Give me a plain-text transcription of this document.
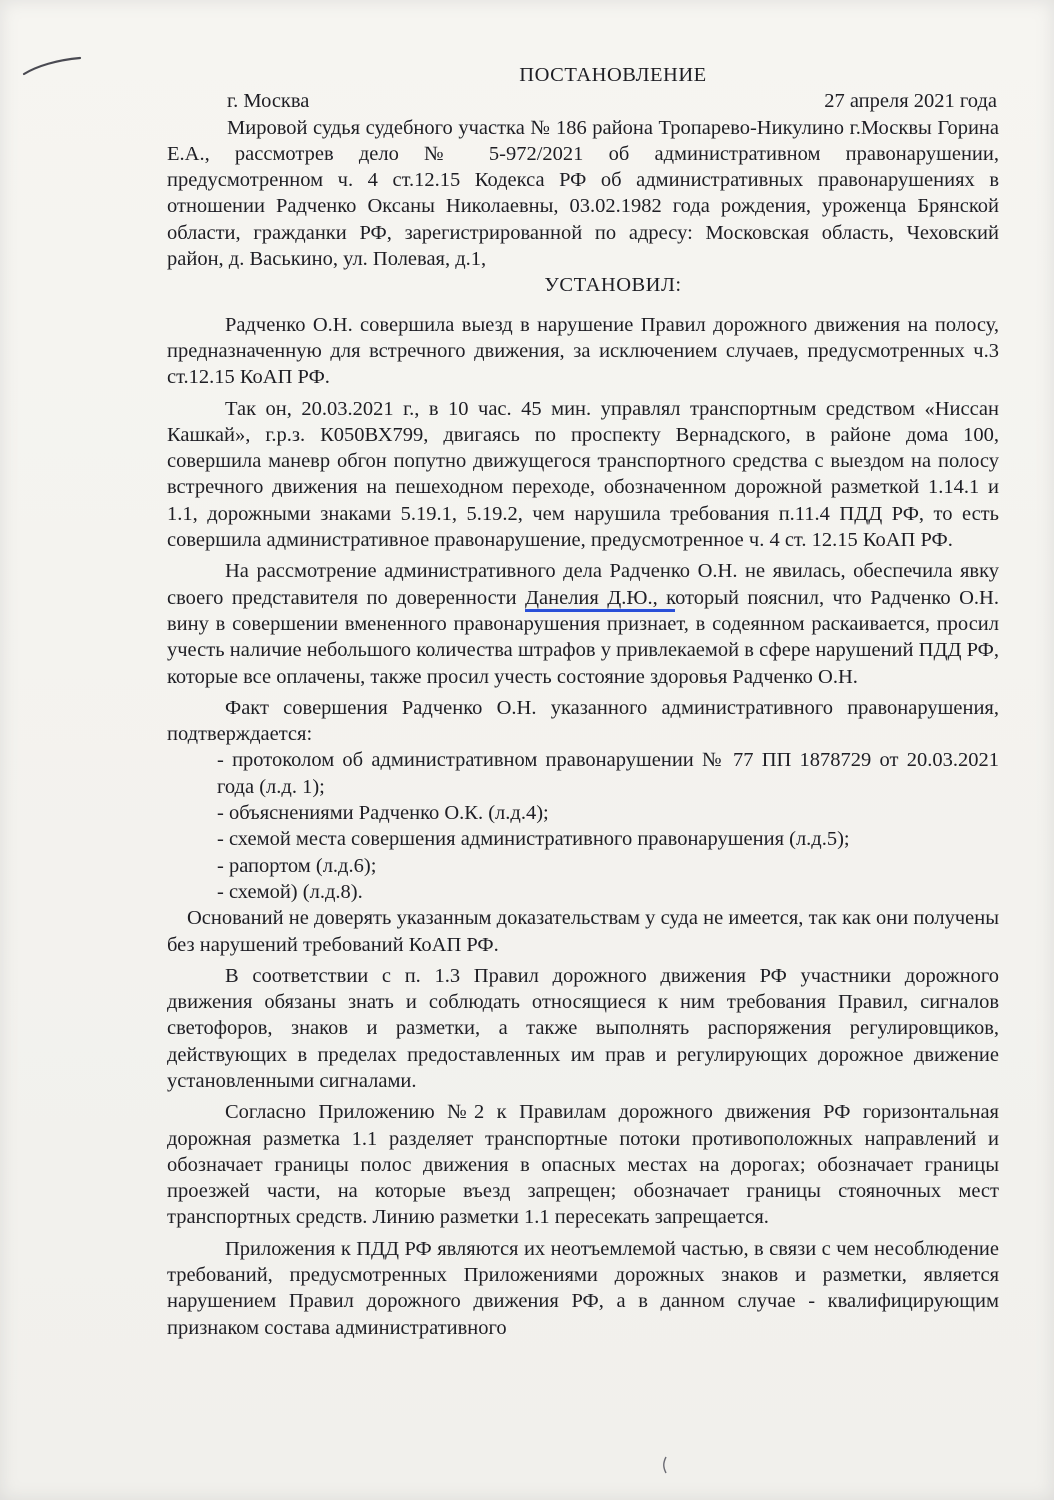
ПОСТАНОВЛЕНИЕ
г. Москва	27 апреля 2021 года

Мировой судья судебного участка № 186 района Тропарево-Никулино г.Москвы Горина Е.А., рассмотрев дело № 5-972/2021 об административном правонарушении, предусмотренном ч. 4 ст.12.15 Кодекса РФ об административных правонарушениях в отношении Радченко Оксаны Николаевны, 03.02.1982 года рождения, уроженца Брянской области, гражданки РФ, зарегистрированной по адресу: Московская область, Чеховский район, д. Васькино, ул. Полевая, д.1,

УСТАНОВИЛ:

Радченко О.Н. совершила выезд в нарушение Правил дорожного движения на полосу, предназначенную для встречного движения, за исключением случаев, предусмотренных ч.3 ст.12.15 КоАП РФ.

Так он, 20.03.2021 г., в 10 час. 45 мин. управлял транспортным средством «Ниссан Кашкай», г.р.з. К050ВХ799, двигаясь по проспекту Вернадского, в районе дома 100, совершила маневр обгон попутно движущегося транспортного средства с выездом на полосу встречного движения на пешеходном переходе, обозначенном дорожной разметкой 1.14.1 и 1.1, дорожными знаками 5.19.1, 5.19.2, чем нарушила требования п.11.4 ПДД РФ, то есть совершила административное правонарушение, предусмотренное ч. 4 ст. 12.15 КоАП РФ.

На рассмотрение административного дела Радченко О.Н. не явилась, обеспечила явку своего представителя по доверенности Данелия Д.Ю., который пояснил, что Радченко О.Н. вину в совершении вмененного правонарушения признает, в содеянном раскаивается, просил учесть наличие небольшого количества штрафов у привлекаемой в сфере нарушений ПДД РФ, которые все оплачены, также просил учесть состояние здоровья Радченко О.Н.

Факт совершения Радченко О.Н. указанного административного правонарушения, подтверждается:

- протоколом об административном правонарушении № 77 ПП 1878729 от 20.03.2021 года (л.д. 1);

- объяснениями Радченко О.К. (л.д.4);

- схемой места совершения административного правонарушения (л.д.5);

- рапортом (л.д.6);

- схемой) (л.д.8).

Оснований не доверять указанным доказательствам у суда не имеется, так как они получены без нарушений требований КоАП РФ.

В соответствии с п. 1.3 Правил дорожного движения РФ участники дорожного движения обязаны знать и соблюдать относящиеся к ним требования Правил, сигналов светофоров, знаков и разметки, а также выполнять распоряжения регулировщиков, действующих в пределах предоставленных им прав и регулирующих дорожное движение установленными сигналами.

Согласно Приложению №2 к Правилам дорожного движения РФ горизонтальная дорожная разметка 1.1 разделяет транспортные потоки противоположных направлений и обозначает границы полос движения в опасных местах на дорогах; обозначает границы проезжей части, на которые въезд запрещен; обозначает границы стояночных мест транспортных средств. Линию разметки 1.1 пересекать запрещается.

Приложения к ПДД РФ являются их неотъемлемой частью, в связи с чем несоблюдение требований, предусмотренных Приложениями дорожных знаков и разметки, является нарушением Правил дорожного движения РФ, а в данном случае - квалифицирующим признаком состава административного
